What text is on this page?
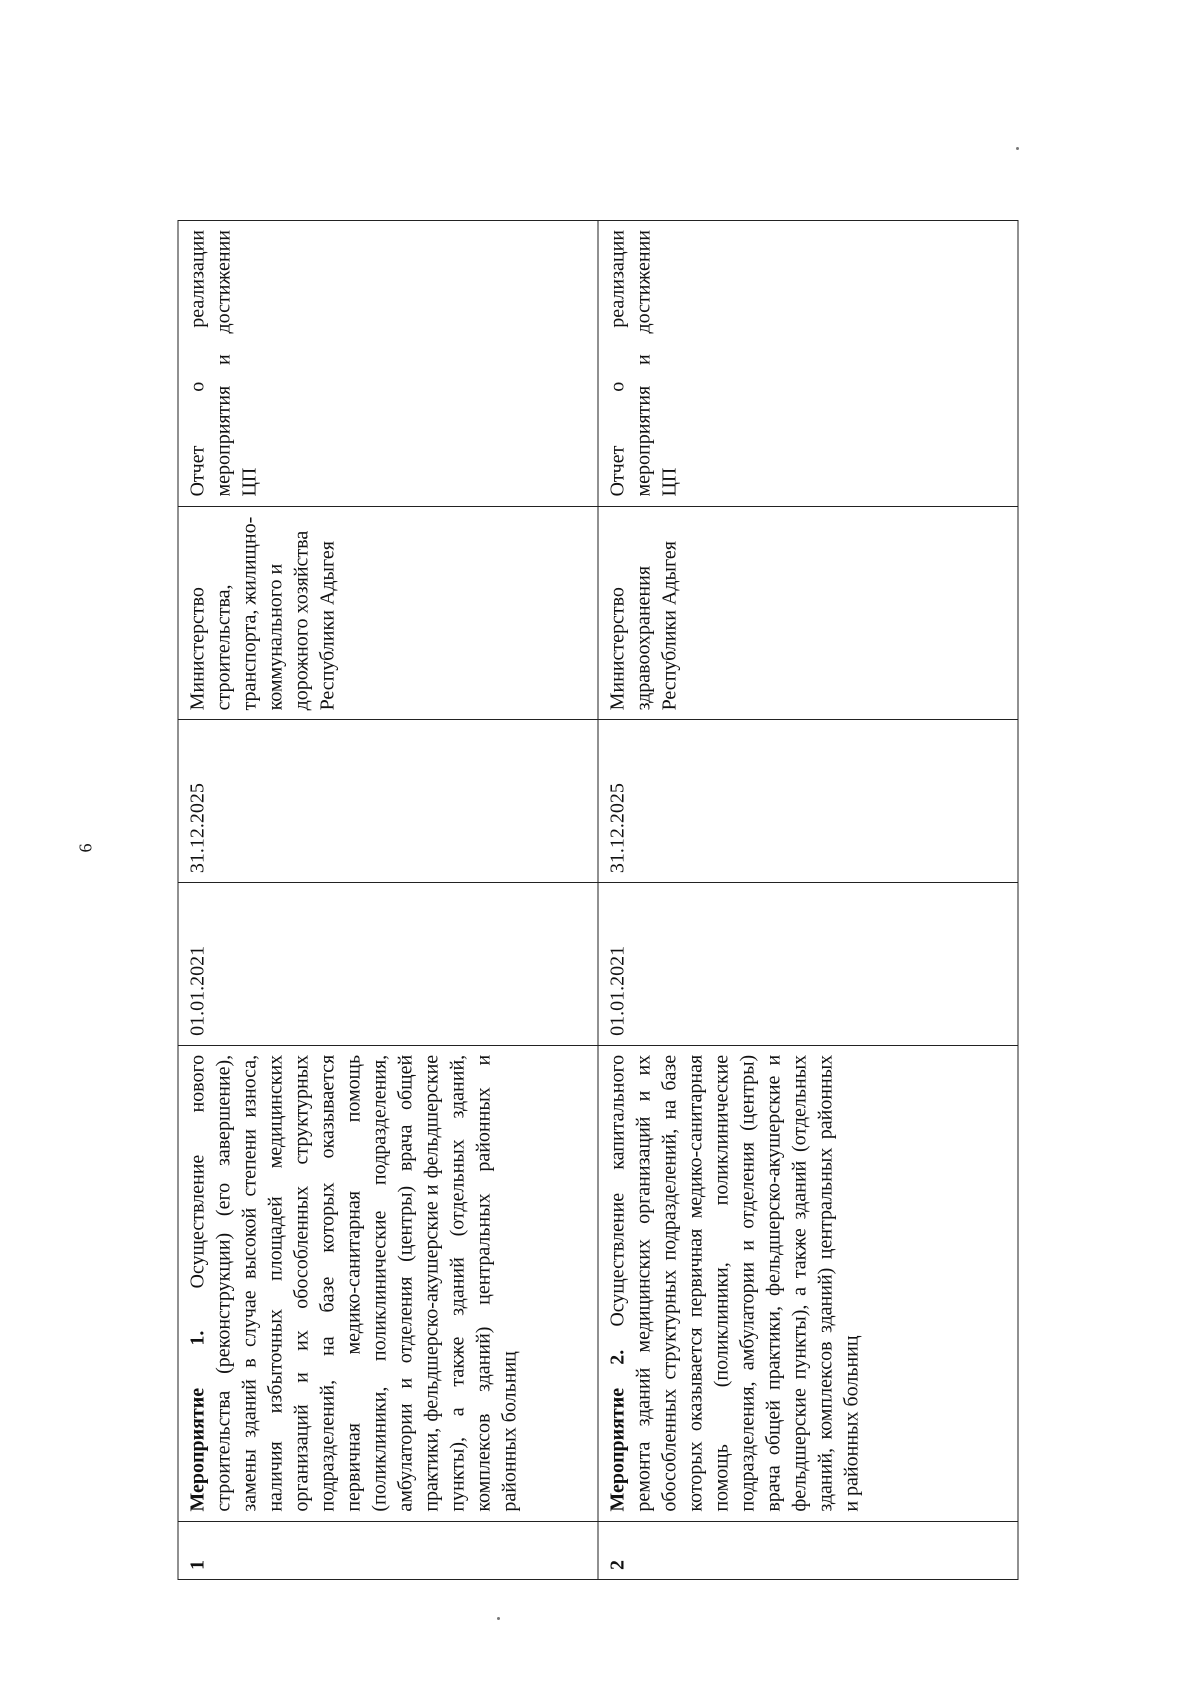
6
1	Мероприятие 1. Осуществление нового строительства (реконструкции) (его завершение), замены зданий в случае высокой степени износа, наличия избыточных площадей медицинских организаций и их обособленных структурных подразделений, на базе которых оказывается первичная медико-санитарная помощь (поликлиники, поликлинические подразделения, амбулатории и отделения (центры) врача общей практики, фельдшерско-акушерские и фельдшерские пункты), а также зданий (отдельных зданий, комплексов зданий) центральных районных и районных больниц	01.01.2021	31.12.2025	Министерство строительства, транспорта, жилищно-коммунального и дорожного хозяйства Республики Адыгея	Отчет о реализации мероприятия и достижении ЦП
2	Мероприятие 2. Осуществление капитального ремонта зданий медицинских организаций и их обособленных структурных подразделений, на базе которых оказывается первичная медико-санитарная помощь (поликлиники, поликлинические подразделения, амбулатории и отделения (центры) врача общей практики, фельдшерско-акушерские и фельдшерские пункты), а также зданий (отдельных зданий, комплексов зданий) центральных районных и районных больниц	01.01.2021	31.12.2025	Министерство здравоохранения Республики Адыгея	Отчет о реализации мероприятия и достижении ЦП
